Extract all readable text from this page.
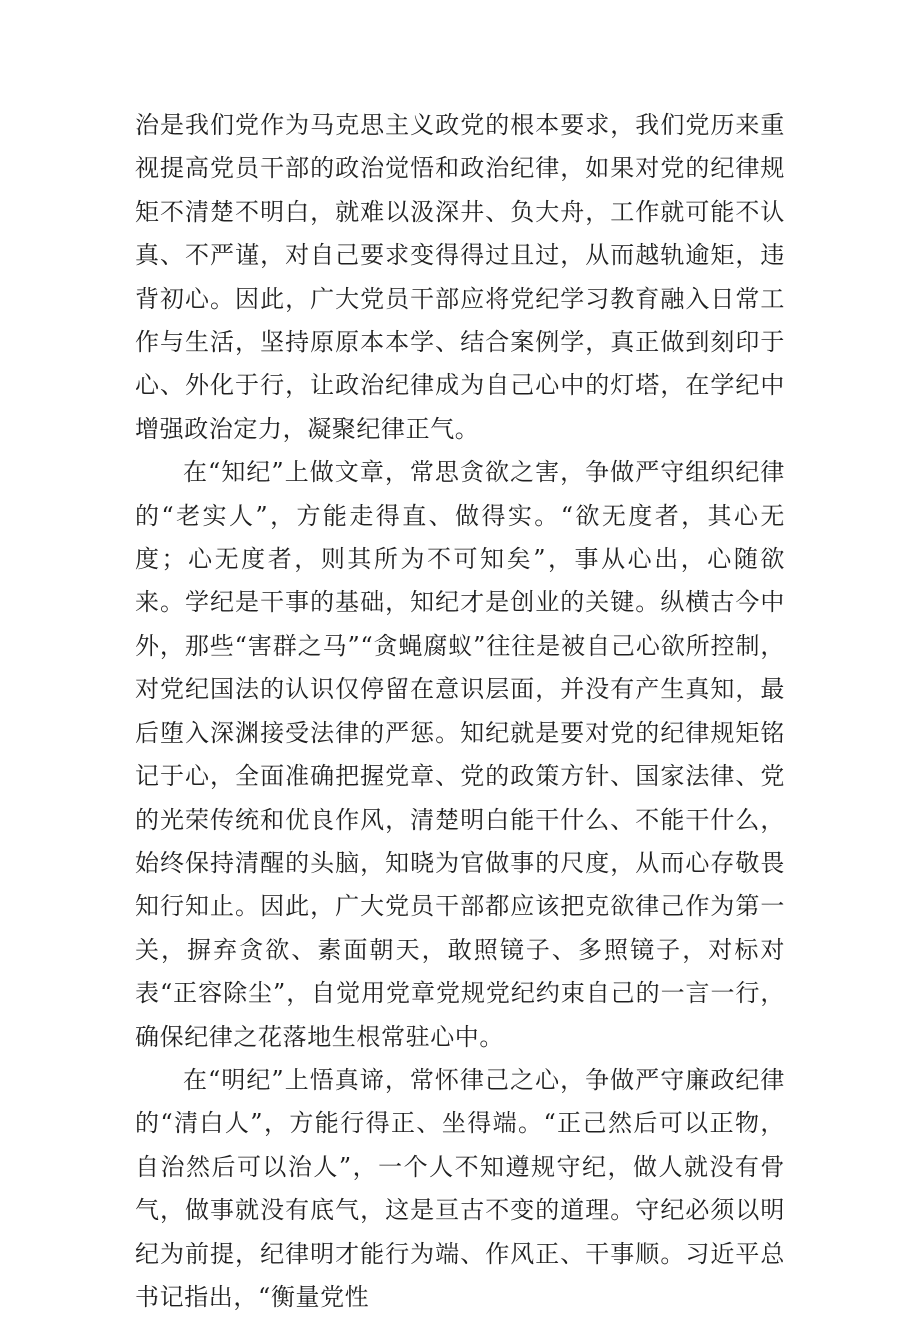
治是我们党作为马克思主义政党的根本要求，我们党历来重视提高党员干部的政治觉悟和政治纪律，如果对党的纪律规矩不清楚不明白，就难以汲深井、负大舟，工作就可能不认真、不严谨，对自己要求变得得过且过，从而越轨逾矩，违背初心。因此，广大党员干部应将党纪学习教育融入日常工作与生活，坚持原原本本学、结合案例学，真正做到刻印于心、外化于行，让政治纪律成为自己心中的灯塔，在学纪中增强政治定力，凝聚纪律正气。

在“知纪”上做文章，常思贪欲之害，争做严守组织纪律的“老实人”，方能走得直、做得实。“欲无度者，其心无度；心无度者，则其所为不可知矣”，事从心出，心随欲来。学纪是干事的基础，知纪才是创业的关键。纵横古今中外，那些“害群之马”“贪蝇腐蚁”往往是被自己心欲所控制，对党纪国法的认识仅停留在意识层面，并没有产生真知，最后堕入深渊接受法律的严惩。知纪就是要对党的纪律规矩铭记于心，全面准确把握党章、党的政策方针、国家法律、党的光荣传统和优良作风，清楚明白能干什么、不能干什么，始终保持清醒的头脑，知晓为官做事的尺度，从而心存敬畏知行知止。因此，广大党员干部都应该把克欲律己作为第一关，摒弃贪欲、素面朝天，敢照镜子、多照镜子，对标对表“正容除尘”，自觉用党章党规党纪约束自己的一言一行，确保纪律之花落地生根常驻心中。

在“明纪”上悟真谛，常怀律己之心，争做严守廉政纪律的“清白人”，方能行得正、坐得端。“正己然后可以正物，自治然后可以治人”，一个人不知遵规守纪，做人就没有骨气，做事就没有底气，这是亘古不变的道理。守纪必须以明纪为前提，纪律明才能行为端、作风正、干事顺。习近平总书记指出，“衡量党性
